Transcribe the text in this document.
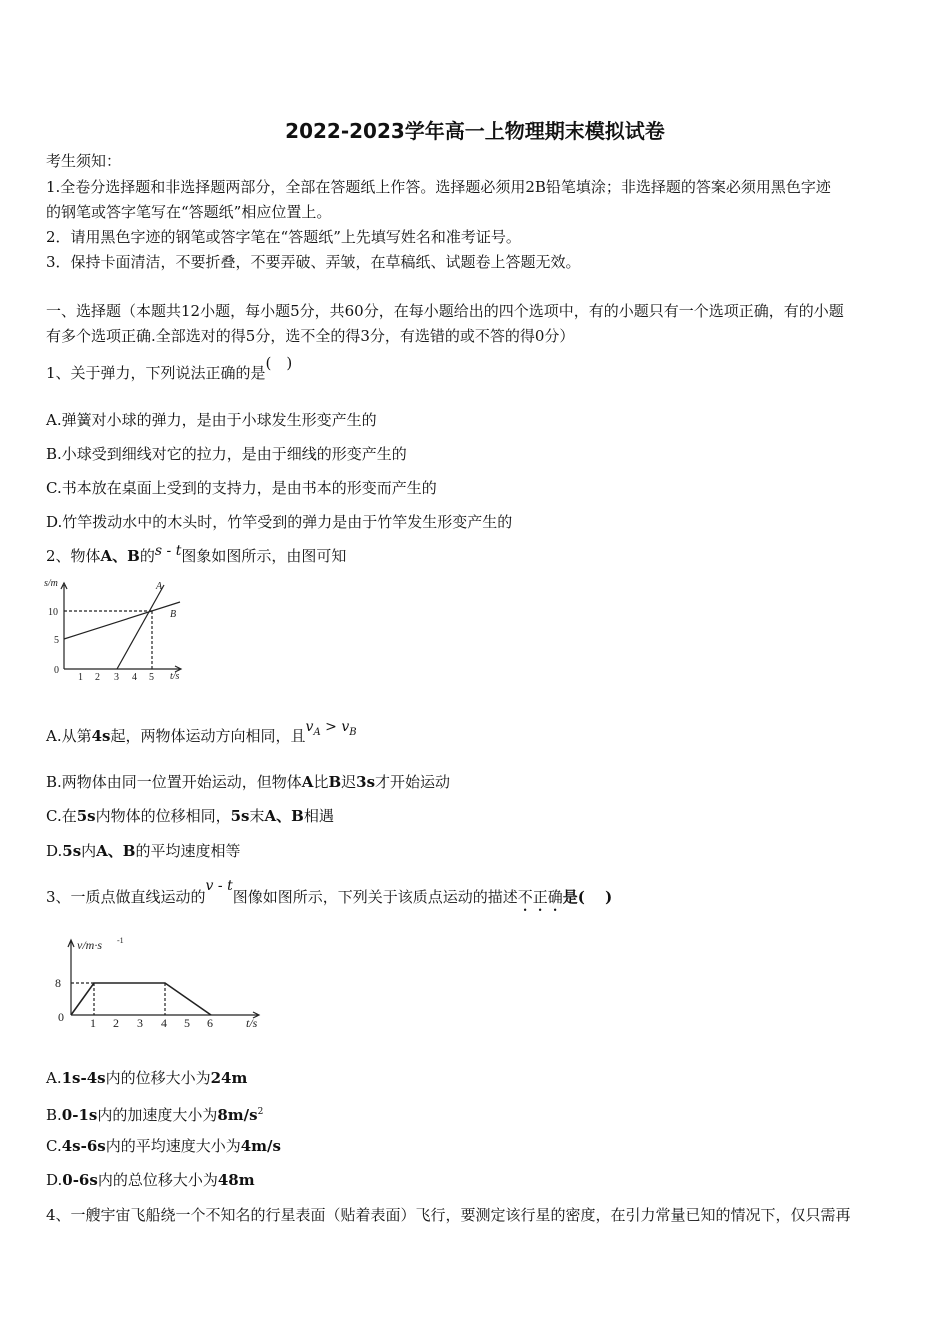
2022-2023学年高一上物理期末模拟试卷
考生须知：
1.全卷分选择题和非选择题两部分，全部在答题纸上作答。选择题必须用2B铅笔填涂；非选择题的答案必须用黑色字迹
的钢笔或答字笔写在“答题纸”相应位置上。
2．请用黑色字迹的钢笔或答字笔在“答题纸”上先填写姓名和准考证号。
3．保持卡面清洁，不要折叠，不要弄破、弄皱，在草稿纸、试题卷上答题无效。
一、选择题（本题共12小题，每小题5分，共60分，在每小题给出的四个选项中，有的小题只有一个选项正确，有的小题
有多个选项正确.全部选对的得5分，选不全的得3分，有选错的或不答的得0分）
1、关于弹力，下列说法正确的是(　)
A.弹簧对小球的弹力，是由于小球发生形变产生的
B.小球受到细线对它的拉力，是由于细线的形变产生的
C.书本放在桌面上受到的支持力，是由书本的形变而产生的
D.竹竿拨动水中的木头时，竹竿受到的弹力是由于竹竿发生形变产生的
2、物体A、B的s - t图象如图所示，由图可知
s/m
t/s
10
5
0
1 2 3 4 5
A
B
A.从第4s起，两物体运动方向相同，且$v_A > v_B$
B.两物体由同一位置开始运动，但物体A比B迟3s才开始运动
C.在5s内物体的位移相同，5s末A、B相遇
D.5s内A、B的平均速度相等
3、一质点做直线运动的v - t图像如图所示，下列关于该质点运动的描述不正确是(　 )
v/m·s -1
t/s
8
0 1 2 3 4 5 6
A.1s-4s内的位移大小为24m
B.0-1s内的加速度大小为$8m/s^2$
C.4s-6s内的平均速度大小为4m/s
D.0-6s内的总位移大小为48m
4、一艘宇宙飞船绕一个不知名的行星表面（贴着表面）飞行，要测定该行星的密度，在引力常量已知的情况下，仅只需再
